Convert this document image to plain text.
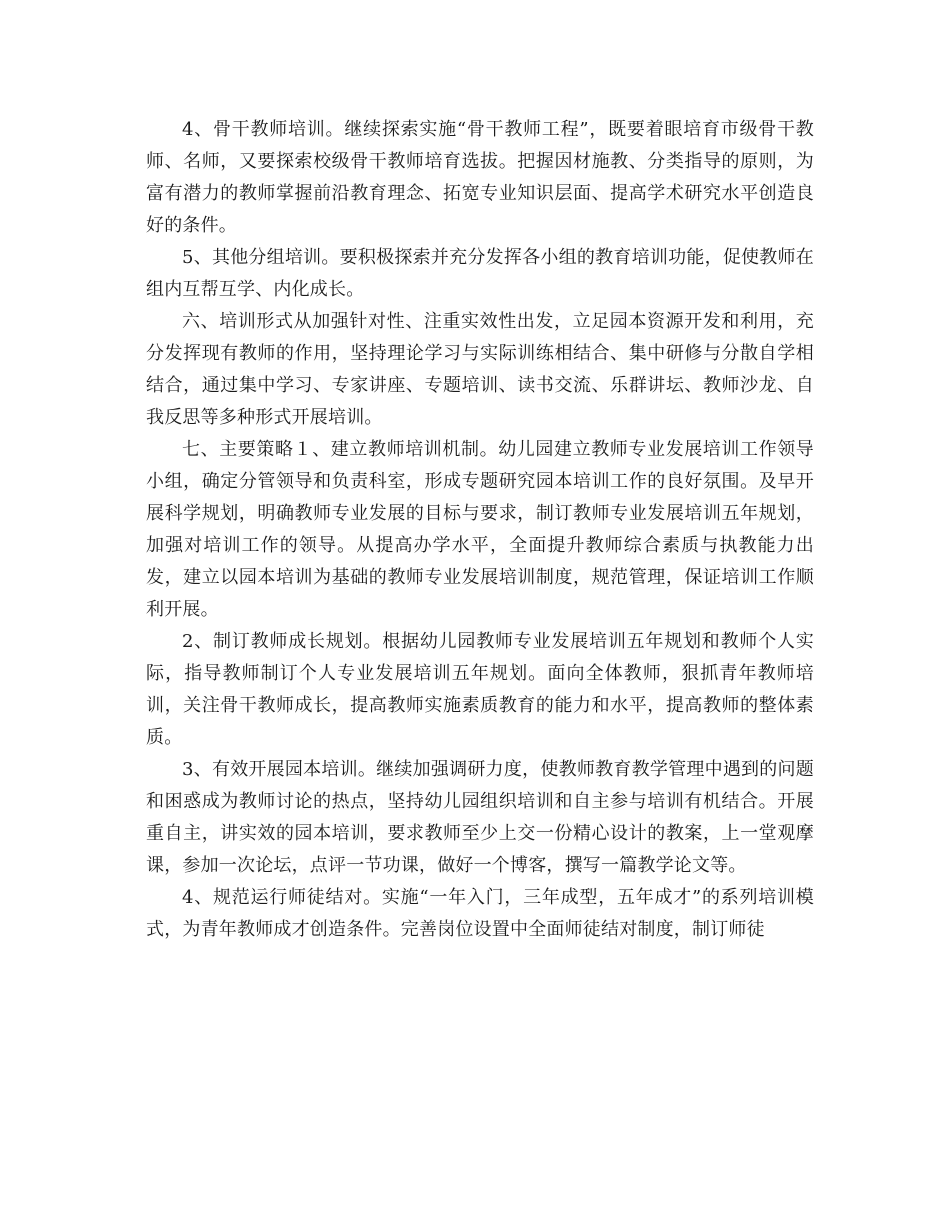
4、骨干教师培训。继续探索实施“骨干教师工程”，既要着眼培育市级骨干教师、名师，又要探索校级骨干教师培育选拔。把握因材施教、分类指导的原则，为富有潜力的教师掌握前沿教育理念、拓宽专业知识层面、提高学术研究水平创造良好的条件。

5、其他分组培训。要积极探索并充分发挥各小组的教育培训功能，促使教师在组内互帮互学、内化成长。

六、培训形式从加强针对性、注重实效性出发，立足园本资源开发和利用，充分发挥现有教师的作用，坚持理论学习与实际训练相结合、集中研修与分散自学相结合，通过集中学习、专家讲座、专题培训、读书交流、乐群讲坛、教师沙龙、自我反思等多种形式开展培训。

七、主要策略１、建立教师培训机制。幼儿园建立教师专业发展培训工作领导小组，确定分管领导和负责科室，形成专题研究园本培训工作的良好氛围。及早开展科学规划，明确教师专业发展的目标与要求，制订教师专业发展培训五年规划，加强对培训工作的领导。从提高办学水平，全面提升教师综合素质与执教能力出发，建立以园本培训为基础的教师专业发展培训制度，规范管理，保证培训工作顺利开展。

2、制订教师成长规划。根据幼儿园教师专业发展培训五年规划和教师个人实际，指导教师制订个人专业发展培训五年规划。面向全体教师，狠抓青年教师培训，关注骨干教师成长，提高教师实施素质教育的能力和水平，提高教师的整体素质。

3、有效开展园本培训。继续加强调研力度，使教师教育教学管理中遇到的问题和困惑成为教师讨论的热点，坚持幼儿园组织培训和自主参与培训有机结合。开展重自主，讲实效的园本培训，要求教师至少上交一份精心设计的教案，上一堂观摩课，参加一次论坛，点评一节功课，做好一个博客，撰写一篇教学论文等。

4、规范运行师徒结对。实施“一年入门，三年成型，五年成才”的系列培训模式，为青年教师成才创造条件。完善岗位设置中全面师徒结对制度，制订师徒
